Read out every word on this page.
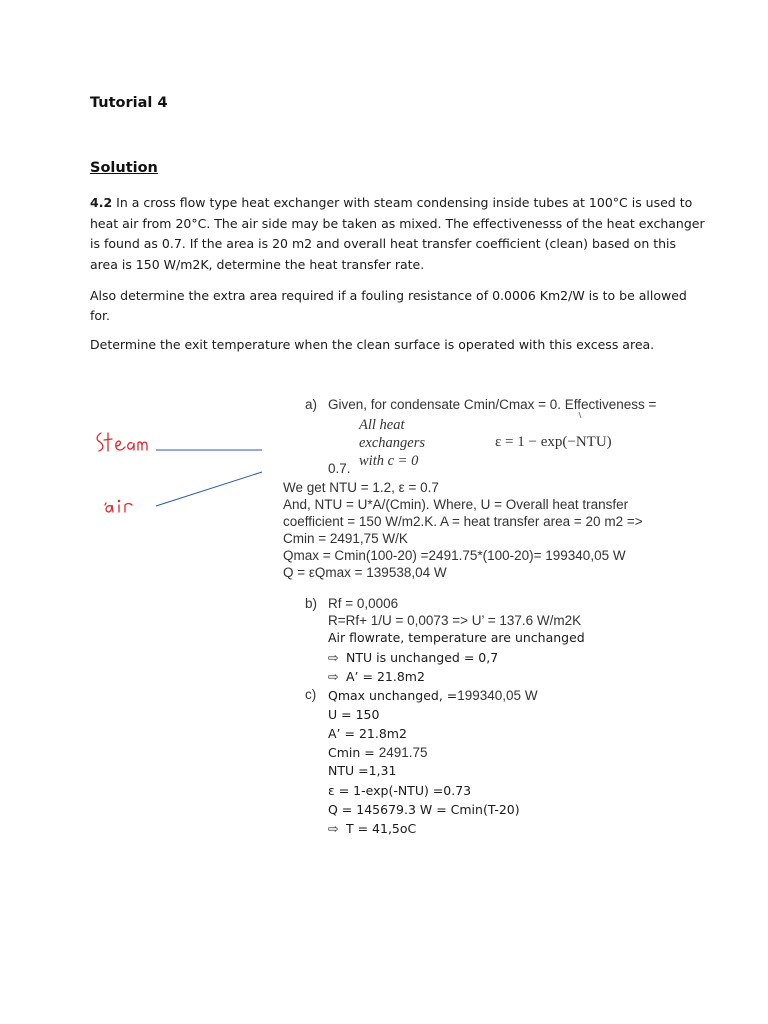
Tutorial 4
Solution
4.2 In a cross flow type heat exchanger with steam condensing inside tubes at 100°C is used to
heat air from 20°C. The air side may be taken as mixed. The effectivenesss of the heat exchanger
is found as 0.7. If the area is 20 m2 and overall heat transfer coefficient (clean) based on this
area is 150 W/m2K, determine the heat transfer rate.
Also determine the extra area required if a fouling resistance of 0.0006 Km2/W is to be allowed
for.
Determine the exit temperature when the clean surface is operated with this excess area.
a) Given, for condensate Cmin/Cmax = 0. Effectiveness =
All heat
exchangers
with c = 0
ε = 1 − exp(−NTU)
0.7.
We get NTU = 1.2, ε = 0.7
And, NTU = U*A/(Cmin). Where, U = Overall heat transfer
coefficient = 150 W/m2.K. A = heat transfer area = 20 m2 =>
Cmin = 2491,75 W/K
Qmax = Cmin(100-20) =2491.75*(100-20)= 199340,05 W
Q = εQmax = 139538,04 W
b) Rf = 0,0006
R=Rf+ 1/U = 0,0073 => U’ = 137.6 W/m2K
Air flowrate, temperature are unchanged
⇨ NTU is unchanged = 0,7
⇨ A’ = 21.8m2
c) Qmax unchanged, =199340,05 W
U = 150
A’ = 21.8m2
Cmin = 2491.75
NTU =1,31
ε = 1-exp(-NTU) =0.73
Q = 145679.3 W = Cmin(T-20)
⇨ T = 41,5oC
